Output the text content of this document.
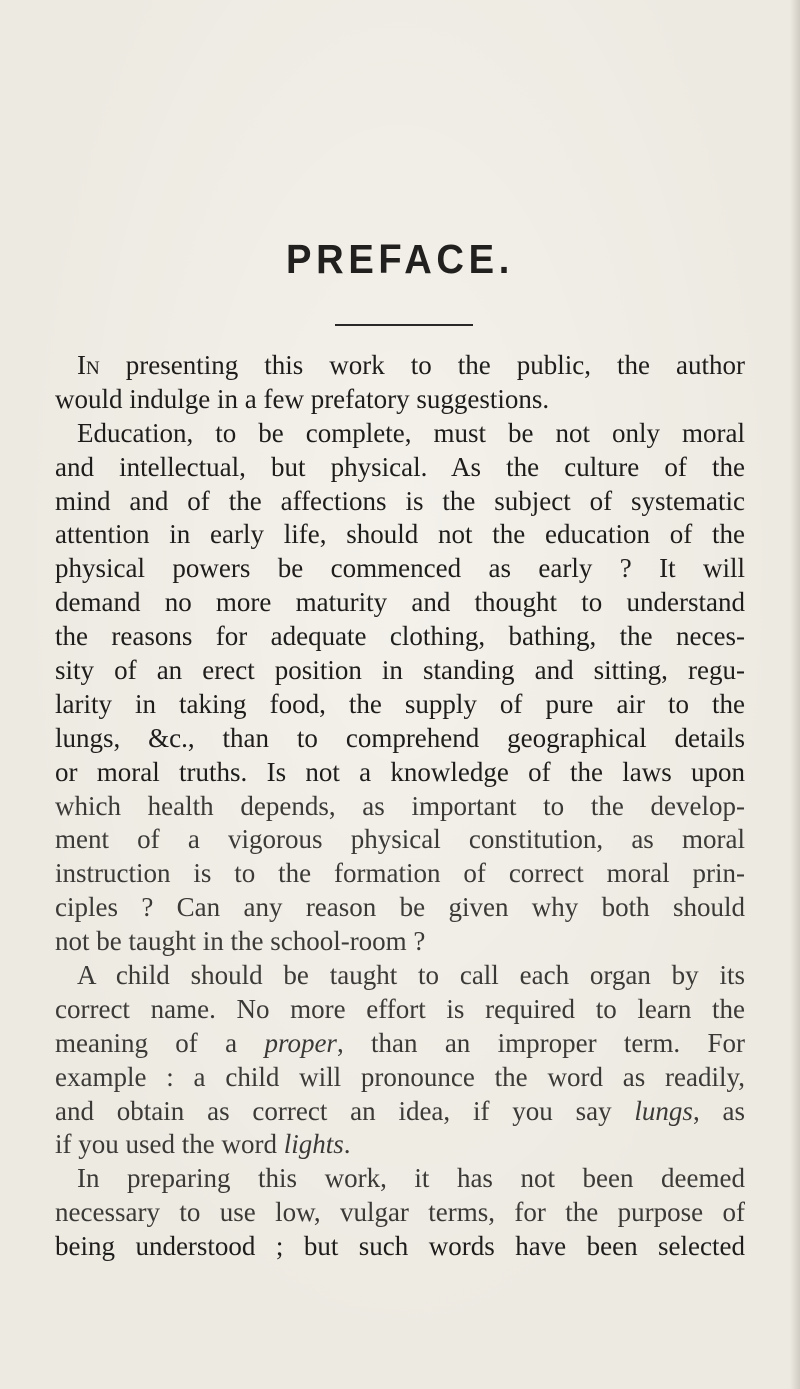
PREFACE.
In presenting this work to the public, the author
would indulge in a few prefatory suggestions.
Education, to be complete, must be not only moral
and intellectual, but physical. As the culture of the
mind and of the affections is the subject of systematic
attention in early life, should not the education of the
physical powers be commenced as early ? It will
demand no more maturity and thought to understand
the reasons for adequate clothing, bathing, the neces-
sity of an erect position in standing and sitting, regu-
larity in taking food, the supply of pure air to the
lungs, &c., than to comprehend geographical details
or moral truths. Is not a knowledge of the laws upon
which health depends, as important to the develop-
ment of a vigorous physical constitution, as moral
instruction is to the formation of correct moral prin-
ciples ? Can any reason be given why both should
not be taught in the school-room ?
A child should be taught to call each organ by its
correct name. No more effort is required to learn the
meaning of a proper, than an improper term. For
example : a child will pronounce the word as readily,
and obtain as correct an idea, if you say lungs, as
if you used the word lights.
In preparing this work, it has not been deemed
necessary to use low, vulgar terms, for the purpose of
being understood ; but such words have been selected
